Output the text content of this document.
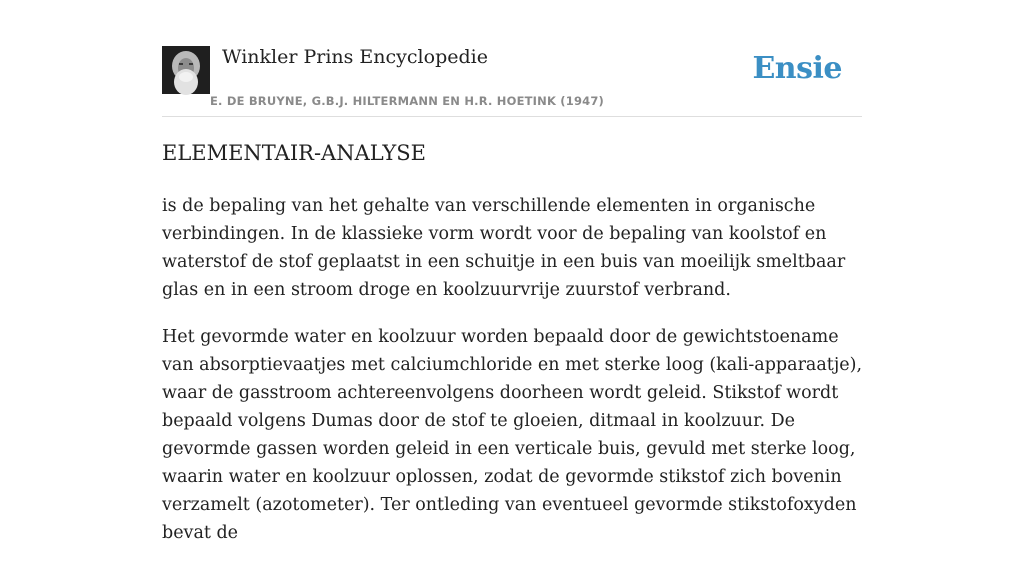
Winkler Prins Encyclopedie
E. DE BRUYNE, G.B.J. HILTERMANN EN H.R. HOETINK (1947)
Ensie
ELEMENTAIR-ANALYSE

is de bepaling van het gehalte van verschillende elementen in organische verbindingen. In de klassieke vorm wordt voor de bepaling van koolstof en waterstof de stof geplaatst in een schuitje in een buis van moeilijk smeltbaar glas en in een stroom droge en koolzuurvrije zuurstof verbrand.

Het gevormde water en koolzuur worden bepaald door de gewichtstoename van absorptievaatjes met calciumchloride en met sterke loog (kali-apparaatje), waar de gasstroom achtereenvolgens doorheen wordt geleid. Stikstof wordt bepaald volgens Dumas door de stof te gloeien, ditmaal in koolzuur. De gevormde gassen worden geleid in een verticale buis, gevuld met sterke loog, waarin water en koolzuur oplossen, zodat de gevormde stikstof zich bovenin verzamelt (azotometer). Ter ontleding van eventueel gevormde stikstofoxyden bevat de
